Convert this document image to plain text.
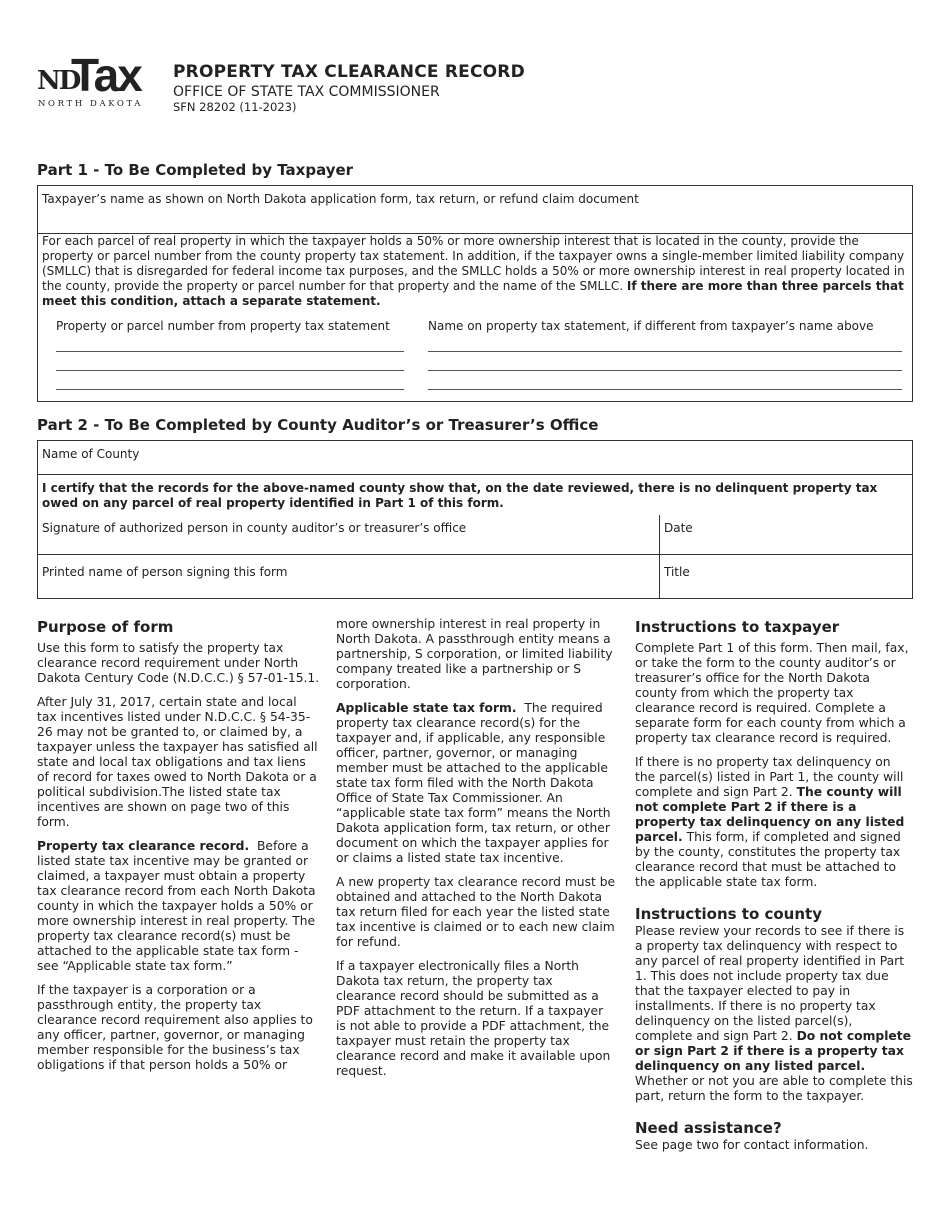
ND
Tax
NORTH DAKOTA
PROPERTY TAX CLEARANCE RECORD
OFFICE OF STATE TAX COMMISSIONER
SFN 28202 (11-2023)
Part 1 - To Be Completed by Taxpayer
Taxpayer’s name as shown on North Dakota application form, tax return, or refund claim document
For each parcel of real property in which the taxpayer holds a 50% or more ownership interest that is located in the county, provide the property or parcel number from the county property tax statement. In addition, if the taxpayer owns a single-member limited liability company (SMLLC) that is disregarded for federal income tax purposes, and the SMLLC holds a 50% or more ownership interest in real property located in the county, provide the property or parcel number for that property and the name of the SMLLC. If there are more than three parcels that meet this condition, attach a separate statement.
Property or parcel number from property tax statement	Name on property tax statement, if different from taxpayer’s name above
Part 2 - To Be Completed by County Auditor’s or Treasurer’s Office
Name of County
I certify that the records for the above-named county show that, on the date reviewed, there is no delinquent property tax owed on any parcel of real property identified in Part 1 of this form.
Signature of authorized person in county auditor’s or treasurer’s office	Date
Printed name of person signing this form	Title
Purpose of form

Use this form to satisfy the property tax clearance record requirement under North Dakota Century Code (N.D.C.C.) § 57-01-15.1.

After July 31, 2017, certain state and local tax incentives listed under N.D.C.C. § 54-35-26 may not be granted to, or claimed by, a taxpayer unless the taxpayer has satisfied all state and local tax obligations and tax liens of record for taxes owed to North Dakota or a political subdivision.The listed state tax incentives are shown on page two of this form.

Property tax clearance record. Before a listed state tax incentive may be granted or claimed, a taxpayer must obtain a property tax clearance record from each North Dakota county in which the taxpayer holds a 50% or more ownership interest in real property. The property tax clearance record(s) must be attached to the applicable state tax form - see “Applicable state tax form.”

If the taxpayer is a corporation or a passthrough entity, the property tax clearance record requirement also applies to any officer, partner, governor, or managing member responsible for the business’s tax obligations if that person holds a 50% or

more ownership interest in real property in North Dakota. A passthrough entity means a partnership, S corporation, or limited liability company treated like a partnership or S corporation.

Applicable state tax form. The required property tax clearance record(s) for the taxpayer and, if applicable, any responsible officer, partner, governor, or managing member must be attached to the applicable state tax form filed with the North Dakota Office of State Tax Commissioner. An “applicable state tax form” means the North Dakota application form, tax return, or other document on which the taxpayer applies for or claims a listed state tax incentive.

A new property tax clearance record must be obtained and attached to the North Dakota tax return filed for each year the listed state tax incentive is claimed or to each new claim for refund.

If a taxpayer electronically files a North Dakota tax return, the property tax clearance record should be submitted as a PDF attachment to the return. If a taxpayer is not able to provide a PDF attachment, the taxpayer must retain the property tax clearance record and make it available upon request.

Instructions to taxpayer

Complete Part 1 of this form. Then mail, fax, or take the form to the county auditor’s or treasurer’s office for the North Dakota county from which the property tax clearance record is required. Complete a separate form for each county from which a property tax clearance record is required.

If there is no property tax delinquency on the parcel(s) listed in Part 1, the county will complete and sign Part 2. The county will not complete Part 2 if there is a property tax delinquency on any listed parcel. This form, if completed and signed by the county, constitutes the property tax clearance record that must be attached to the applicable state tax form.

Instructions to county

Please review your records to see if there is a property tax delinquency with respect to any parcel of real property identified in Part 1. This does not include property tax due that the taxpayer elected to pay in installments. If there is no property tax delinquency on the listed parcel(s), complete and sign Part 2. Do not complete or sign Part 2 if there is a property tax delinquency on any listed parcel. Whether or not you are able to complete this part, return the form to the taxpayer.

Need assistance?

See page two for contact information.
